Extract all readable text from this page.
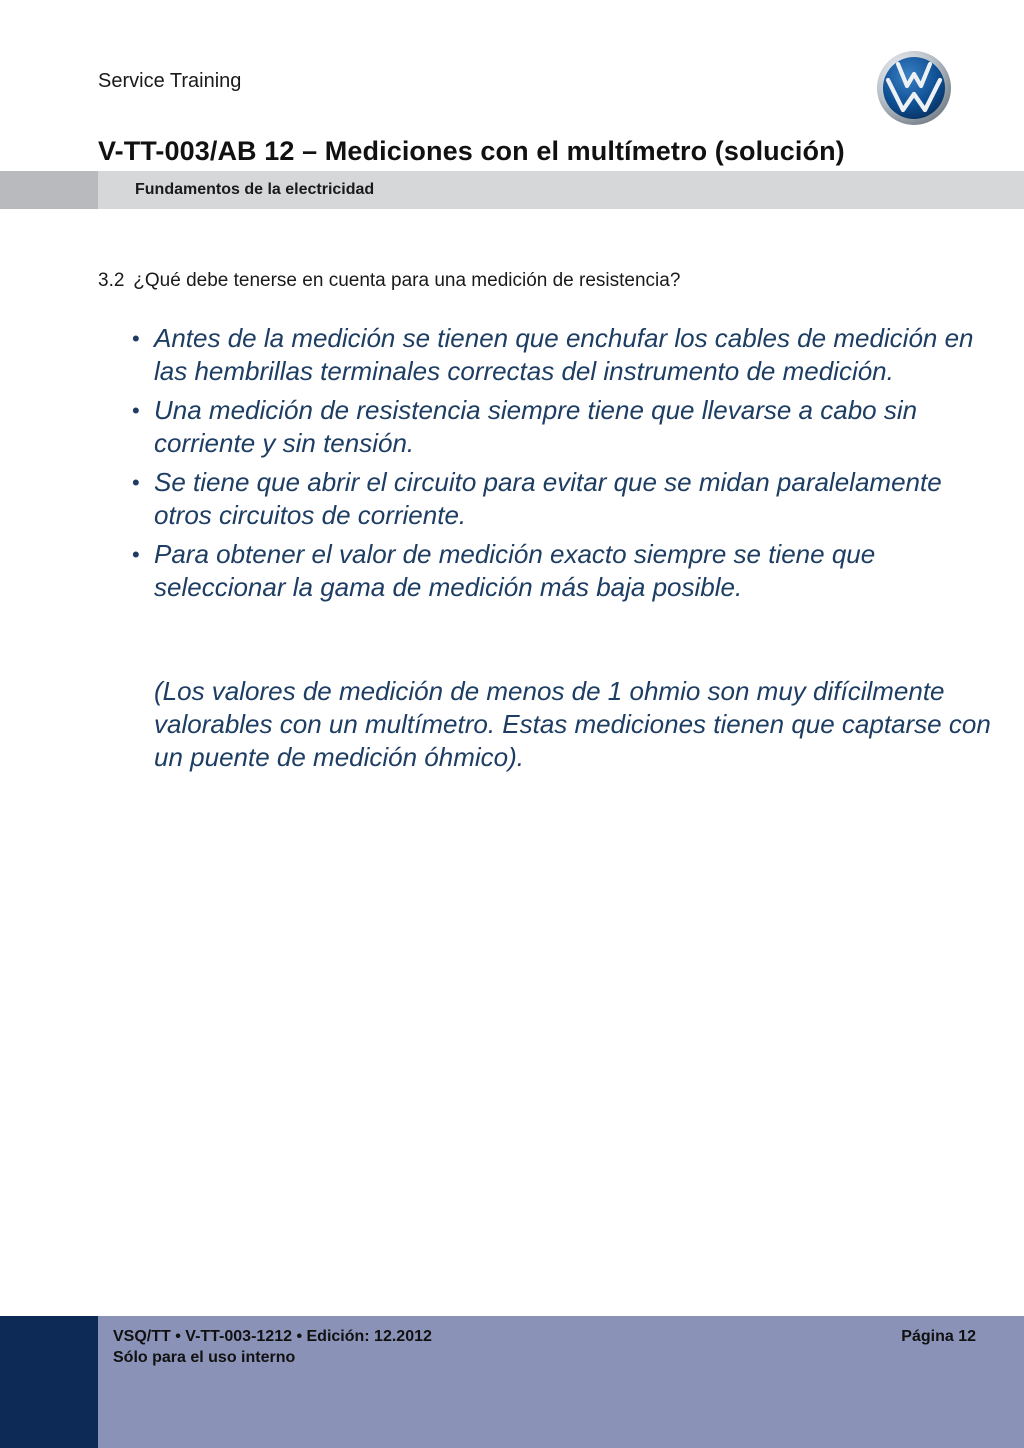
Service Training
V-TT-003/AB 12 – Mediciones con el multímetro (solución)
Fundamentos de la electricidad
3.2 ¿Qué debe tenerse en cuenta para una medición de resistencia?
• Antes de la medición se tienen que enchufar los cables de medición en las hembrillas terminales correctas del instrumento de medición.
• Una medición de resistencia siempre tiene que llevarse a cabo sin corriente y sin tensión.
• Se tiene que abrir el circuito para evitar que se midan paralelamente otros circuitos de corriente.
• Para obtener el valor de medición exacto siempre se tiene que seleccionar la gama de medición más baja posible.
(Los valores de medición de menos de 1 ohmio son muy difícilmente valorables con un multímetro. Estas mediciones tienen que captarse con un puente de medición óhmico).
VSQ/TT • V-TT-003-1212 • Edición: 12.2012
Sólo para el uso interno
Página 12
